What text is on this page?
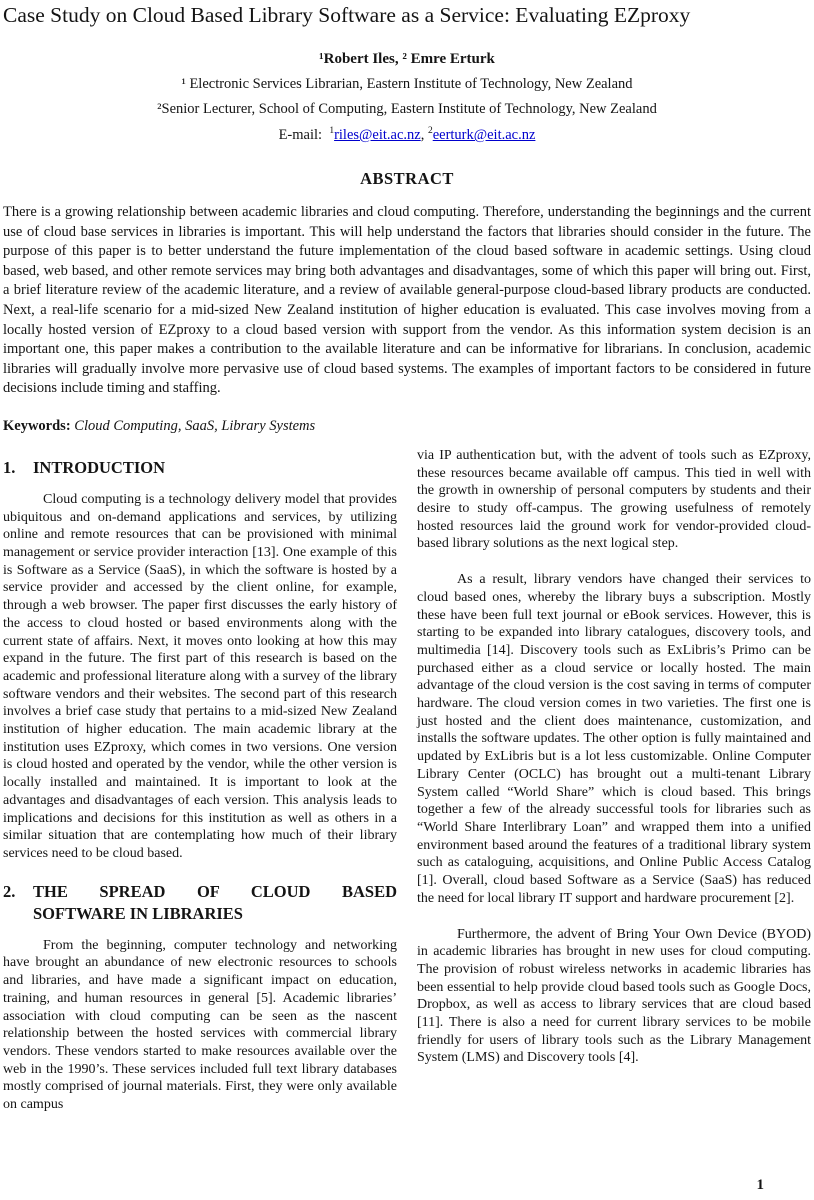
Case Study on Cloud Based Library Software as a Service: Evaluating EZproxy
¹Robert Iles, ² Emre Erturk
¹ Electronic Services Librarian, Eastern Institute of Technology, New Zealand
²Senior Lecturer, School of Computing, Eastern Institute of Technology, New Zealand
E-mail: $^1$riles@eit.ac.nz, $^2$eerturk@eit.ac.nz
ABSTRACT

There is a growing relationship between academic libraries and cloud computing. Therefore, understanding the beginnings and the current use of cloud base services in libraries is important. This will help understand the factors that libraries should consider in the future. The purpose of this paper is to better understand the future implementation of the cloud based software in academic settings. Using cloud based, web based, and other remote services may bring both advantages and disadvantages, some of which this paper will bring out. First, a brief literature review of the academic literature, and a review of available general-purpose cloud-based library products are conducted. Next, a real-life scenario for a mid-sized New Zealand institution of higher education is evaluated. This case involves moving from a locally hosted version of EZproxy to a cloud based version with support from the vendor. As this information system decision is an important one, this paper makes a contribution to the available literature and can be informative for librarians. In conclusion, academic libraries will gradually involve more pervasive use of cloud based systems. The examples of important factors to be considered in future decisions include timing and staffing.

Keywords: Cloud Computing, SaaS, Library Systems

1.	INTRODUCTION

Cloud computing is a technology delivery model that provides ubiquitous and on-demand applications and services, by utilizing online and remote resources that can be provisioned with minimal management or service provider interaction [13]. One example of this is Software as a Service (SaaS), in which the software is hosted by a service provider and accessed by the client online, for example, through a web browser. The paper first discusses the early history of the access to cloud hosted or based environments along with the current state of affairs. Next, it moves onto looking at how this may expand in the future. The first part of this research is based on the academic and professional literature along with a survey of the library software vendors and their websites. The second part of this research involves a brief case study that pertains to a mid-sized New Zealand institution of higher education. The main academic library at the institution uses EZproxy, which comes in two versions. One version is cloud hosted and operated by the vendor, while the other version is locally installed and maintained. It is important to look at the advantages and disadvantages of each version. This analysis leads to implications and decisions for this institution as well as others in a similar situation that are contemplating how much of their library services need to be cloud based.

2.	THE SPREAD OF CLOUD BASED
SOFTWARE IN LIBRARIES

From the beginning, computer technology and networking have brought an abundance of new electronic resources to schools and libraries, and have made a significant impact on education, training, and human resources in general [5]. Academic libraries’ association with cloud computing can be seen as the nascent relationship between the hosted services with commercial library vendors. These vendors started to make resources available over the web in the 1990’s. These services included full text library databases mostly comprised of journal materials. First, they were only available on campus

via IP authentication but, with the advent of tools such as EZproxy, these resources became available off campus. This tied in well with the growth in ownership of personal computers by students and their desire to study off-campus. The growing usefulness of remotely hosted resources laid the ground work for vendor-provided cloud-based library solutions as the next logical step.

As a result, library vendors have changed their services to cloud based ones, whereby the library buys a subscription. Mostly these have been full text journal or eBook services. However, this is starting to be expanded into library catalogues, discovery tools, and multimedia [14]. Discovery tools such as ExLibris’s Primo can be purchased either as a cloud service or locally hosted. The main advantage of the cloud version is the cost saving in terms of computer hardware. The cloud version comes in two varieties. The first one is just hosted and the client does maintenance, customization, and installs the software updates. The other option is fully maintained and updated by ExLibris but is a lot less customizable. Online Computer Library Center (OCLC) has brought out a multi-tenant Library System called “World Share” which is cloud based. This brings together a few of the already successful tools for libraries such as “World Share Interlibrary Loan” and wrapped them into a unified environment based around the features of a traditional library system such as cataloguing, acquisitions, and Online Public Access Catalog [1]. Overall, cloud based Software as a Service (SaaS) has reduced the need for local library IT support and hardware procurement [2].

Furthermore, the advent of Bring Your Own Device (BYOD) in academic libraries has brought in new uses for cloud computing. The provision of robust wireless networks in academic libraries has been essential to help provide cloud based tools such as Google Docs, Dropbox, as well as access to library services that are cloud based [11]. There is also a need for current library services to be mobile friendly for users of library tools such as the Library Management System (LMS) and Discovery tools [4].

1
